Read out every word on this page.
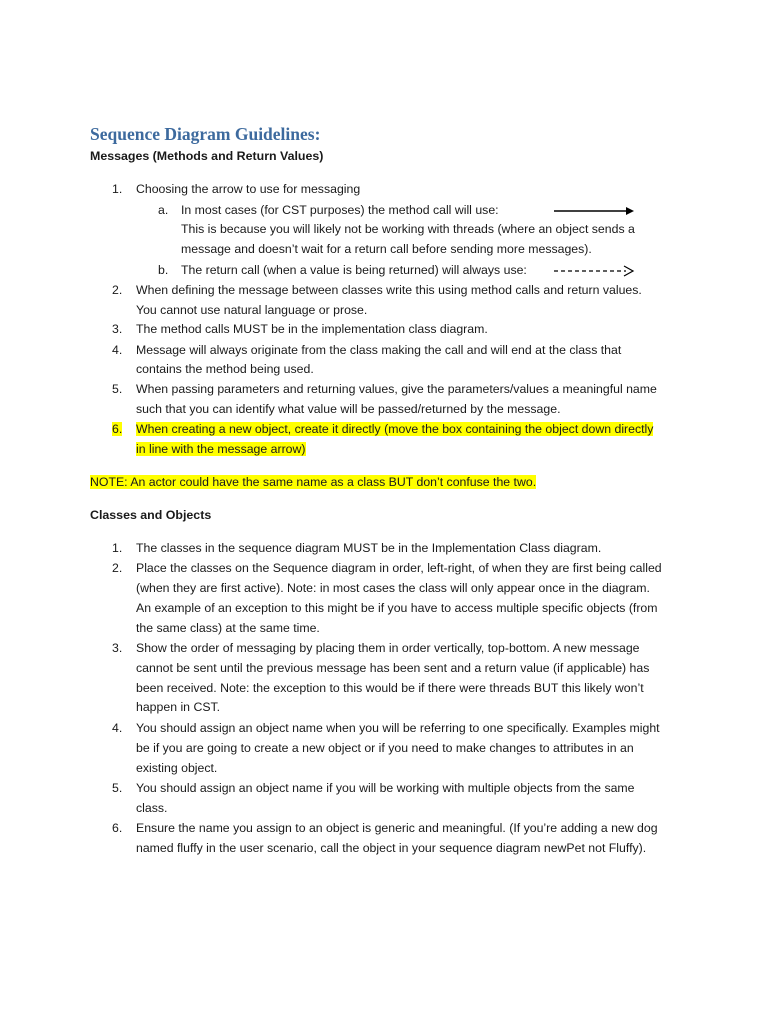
Sequence Diagram Guidelines:
Messages (Methods and Return Values)
1. Choosing the arrow to use for messaging
a. In most cases (for CST purposes) the method call will use:
This is because you will likely not be working with threads (where an object sends a
message and doesn’t wait for a return call before sending more messages).
b. The return call (when a value is being returned) will always use:
2. When defining the message between classes write this using method calls and return values.
You cannot use natural language or prose.
3. The method calls MUST be in the implementation class diagram.
4. Message will always originate from the class making the call and will end at the class that
contains the method being used.
5. When passing parameters and returning values, give the parameters/values a meaningful name
such that you can identify what value will be passed/returned by the message.
6. When creating a new object, create it directly (move the box containing the object down directly
in line with the message arrow)
NOTE: An actor could have the same name as a class BUT don’t confuse the two.
Classes and Objects
1. The classes in the sequence diagram MUST be in the Implementation Class diagram.
2. Place the classes on the Sequence diagram in order, left-right, of when they are first being called
(when they are first active). Note: in most cases the class will only appear once in the diagram.
An example of an exception to this might be if you have to access multiple specific objects (from
the same class) at the same time.
3. Show the order of messaging by placing them in order vertically, top-bottom. A new message
cannot be sent until the previous message has been sent and a return value (if applicable) has
been received. Note: the exception to this would be if there were threads BUT this likely won’t
happen in CST.
4. You should assign an object name when you will be referring to one specifically. Examples might
be if you are going to create a new object or if you need to make changes to attributes in an
existing object.
5. You should assign an object name if you will be working with multiple objects from the same
class.
6. Ensure the name you assign to an object is generic and meaningful. (If you’re adding a new dog
named fluffy in the user scenario, call the object in your sequence diagram newPet not Fluffy).
